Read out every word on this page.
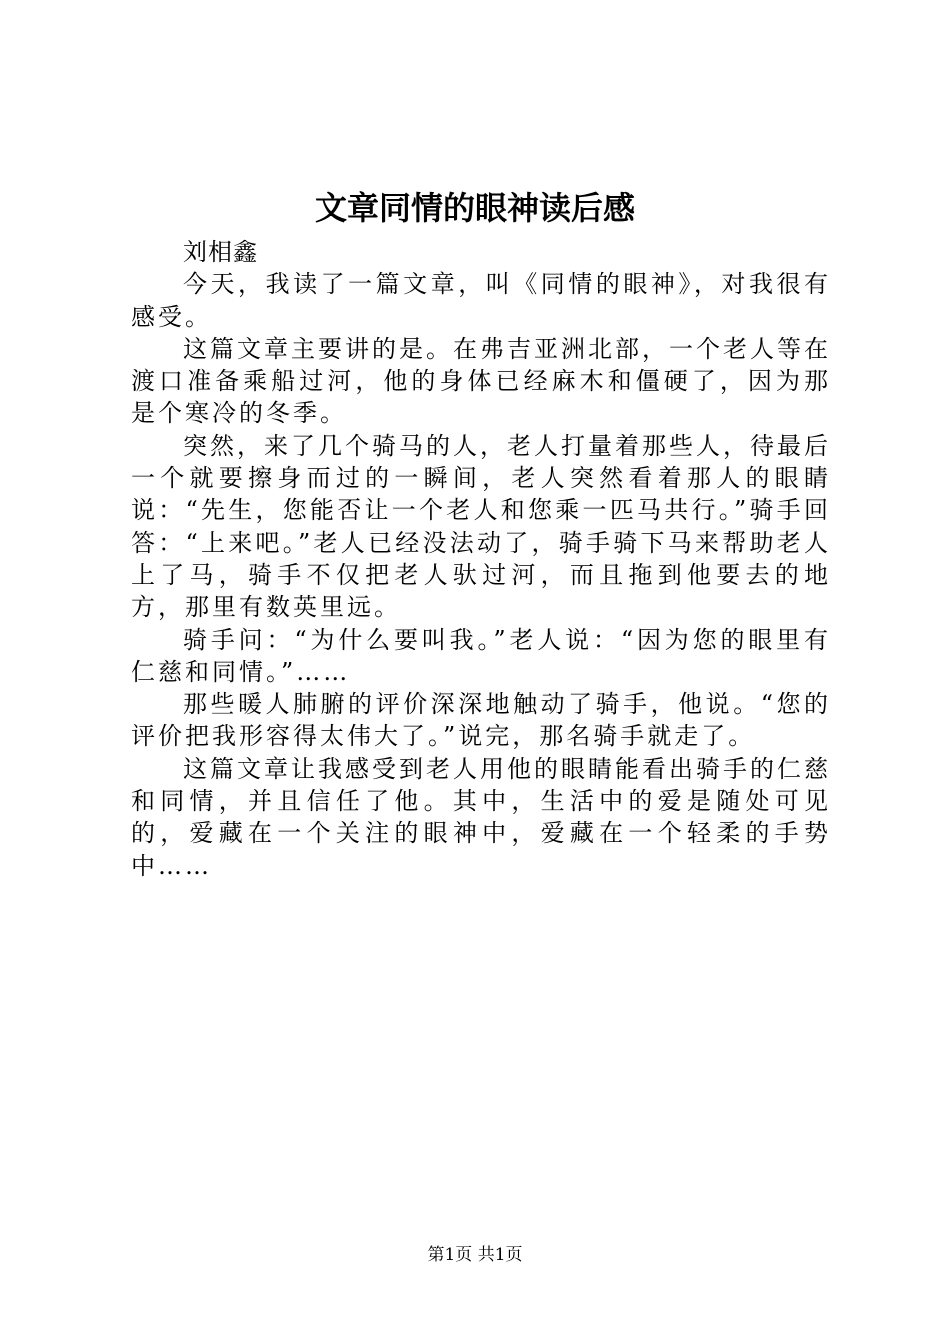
文章同情的眼神读后感

刘相鑫

今天，我读了一篇文章，叫《同情的眼神》，对我很有感受。

这篇文章主要讲的是。在弗吉亚洲北部，一个老人等在渡口准备乘船过河，他的身体已经麻木和僵硬了，因为那是个寒冷的冬季。

突然，来了几个骑马的人，老人打量着那些人，待最后一个就要擦身而过的一瞬间，老人突然看着那人的眼睛说：“先生，您能否让一个老人和您乘一匹马共行。”骑手回答：“上来吧。”老人已经没法动了，骑手骑下马来帮助老人上了马，骑手不仅把老人驮过河，而且拖到他要去的地方，那里有数英里远。

骑手问：“为什么要叫我。”老人说：“因为您的眼里有仁慈和同情。”……

那些暖人肺腑的评价深深地触动了骑手，他说。“您的评价把我形容得太伟大了。”说完，那名骑手就走了。

这篇文章让我感受到老人用他的眼睛能看出骑手的仁慈和同情，并且信任了他。其中，生活中的爱是随处可见的，爱藏在一个关注的眼神中，爱藏在一个轻柔的手势中……

第1页 共1页
